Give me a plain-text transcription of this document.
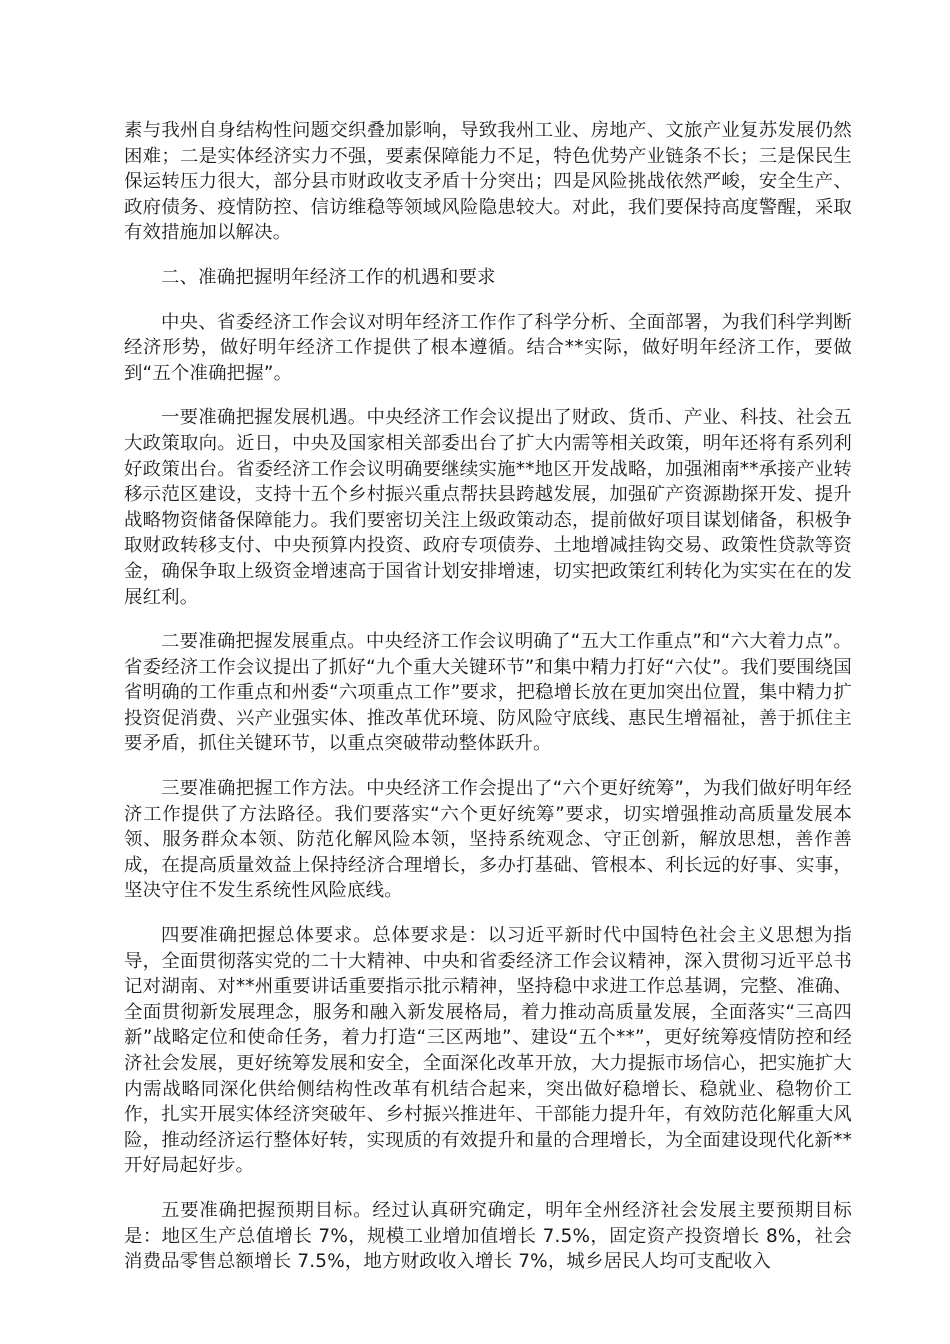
素与我州自身结构性问题交织叠加影响，导致我州工业、房地产、文旅产业复苏发展仍然困难；二是实体经济实力不强，要素保障能力不足，特色优势产业链条不长；三是保民生保运转压力很大，部分县市财政收支矛盾十分突出；四是风险挑战依然严峻，安全生产、政府债务、疫情防控、信访维稳等领域风险隐患较大。对此，我们要保持高度警醒，采取有效措施加以解决。

二、准确把握明年经济工作的机遇和要求

中央、省委经济工作会议对明年经济工作作了科学分析、全面部署，为我们科学判断经济形势，做好明年经济工作提供了根本遵循。结合**实际，做好明年经济工作，要做到“五个准确把握”。

一要准确把握发展机遇。中央经济工作会议提出了财政、货币、产业、科技、社会五大政策取向。近日，中央及国家相关部委出台了扩大内需等相关政策，明年还将有系列利好政策出台。省委经济工作会议明确要继续实施**地区开发战略，加强湘南**承接产业转移示范区建设，支持十五个乡村振兴重点帮扶县跨越发展，加强矿产资源勘探开发、提升战略物资储备保障能力。我们要密切关注上级政策动态，提前做好项目谋划储备，积极争取财政转移支付、中央预算内投资、政府专项债券、土地增减挂钩交易、政策性贷款等资金，确保争取上级资金增速高于国省计划安排增速，切实把政策红利转化为实实在在的发展红利。

二要准确把握发展重点。中央经济工作会议明确了“五大工作重点”和“六大着力点”。省委经济工作会议提出了抓好“九个重大关键环节”和集中精力打好“六仗”。我们要围绕国省明确的工作重点和州委“六项重点工作”要求，把稳增长放在更加突出位置，集中精力扩投资促消费、兴产业强实体、推改革优环境、防风险守底线、惠民生增福祉，善于抓住主要矛盾，抓住关键环节，以重点突破带动整体跃升。

三要准确把握工作方法。中央经济工作会提出了“六个更好统筹”，为我们做好明年经济工作提供了方法路径。我们要落实“六个更好统筹”要求，切实增强推动高质量发展本领、服务群众本领、防范化解风险本领，坚持系统观念、守正创新，解放思想，善作善成，在提高质量效益上保持经济合理增长，多办打基础、管根本、利长远的好事、实事，坚决守住不发生系统性风险底线。

四要准确把握总体要求。总体要求是：以习近平新时代中国特色社会主义思想为指导，全面贯彻落实党的二十大精神、中央和省委经济工作会议精神，深入贯彻习近平总书记对湖南、对**州重要讲话重要指示批示精神，坚持稳中求进工作总基调，完整、准确、全面贯彻新发展理念，服务和融入新发展格局，着力推动高质量发展，全面落实“三高四新”战略定位和使命任务，着力打造“三区两地”、建设“五个**”，更好统筹疫情防控和经济社会发展，更好统筹发展和安全，全面深化改革开放，大力提振市场信心，把实施扩大内需战略同深化供给侧结构性改革有机结合起来，突出做好稳增长、稳就业、稳物价工作，扎实开展实体经济突破年、乡村振兴推进年、干部能力提升年，有效防范化解重大风险，推动经济运行整体好转，实现质的有效提升和量的合理增长，为全面建设现代化新**开好局起好步。

五要准确把握预期目标。经过认真研究确定，明年全州经济社会发展主要预期目标是：地区生产总值增长 7%，规模工业增加值增长 7.5%，固定资产投资增长 8%，社会消费品零售总额增长 7.5%，地方财政收入增长 7%，城乡居民人均可支配收入
